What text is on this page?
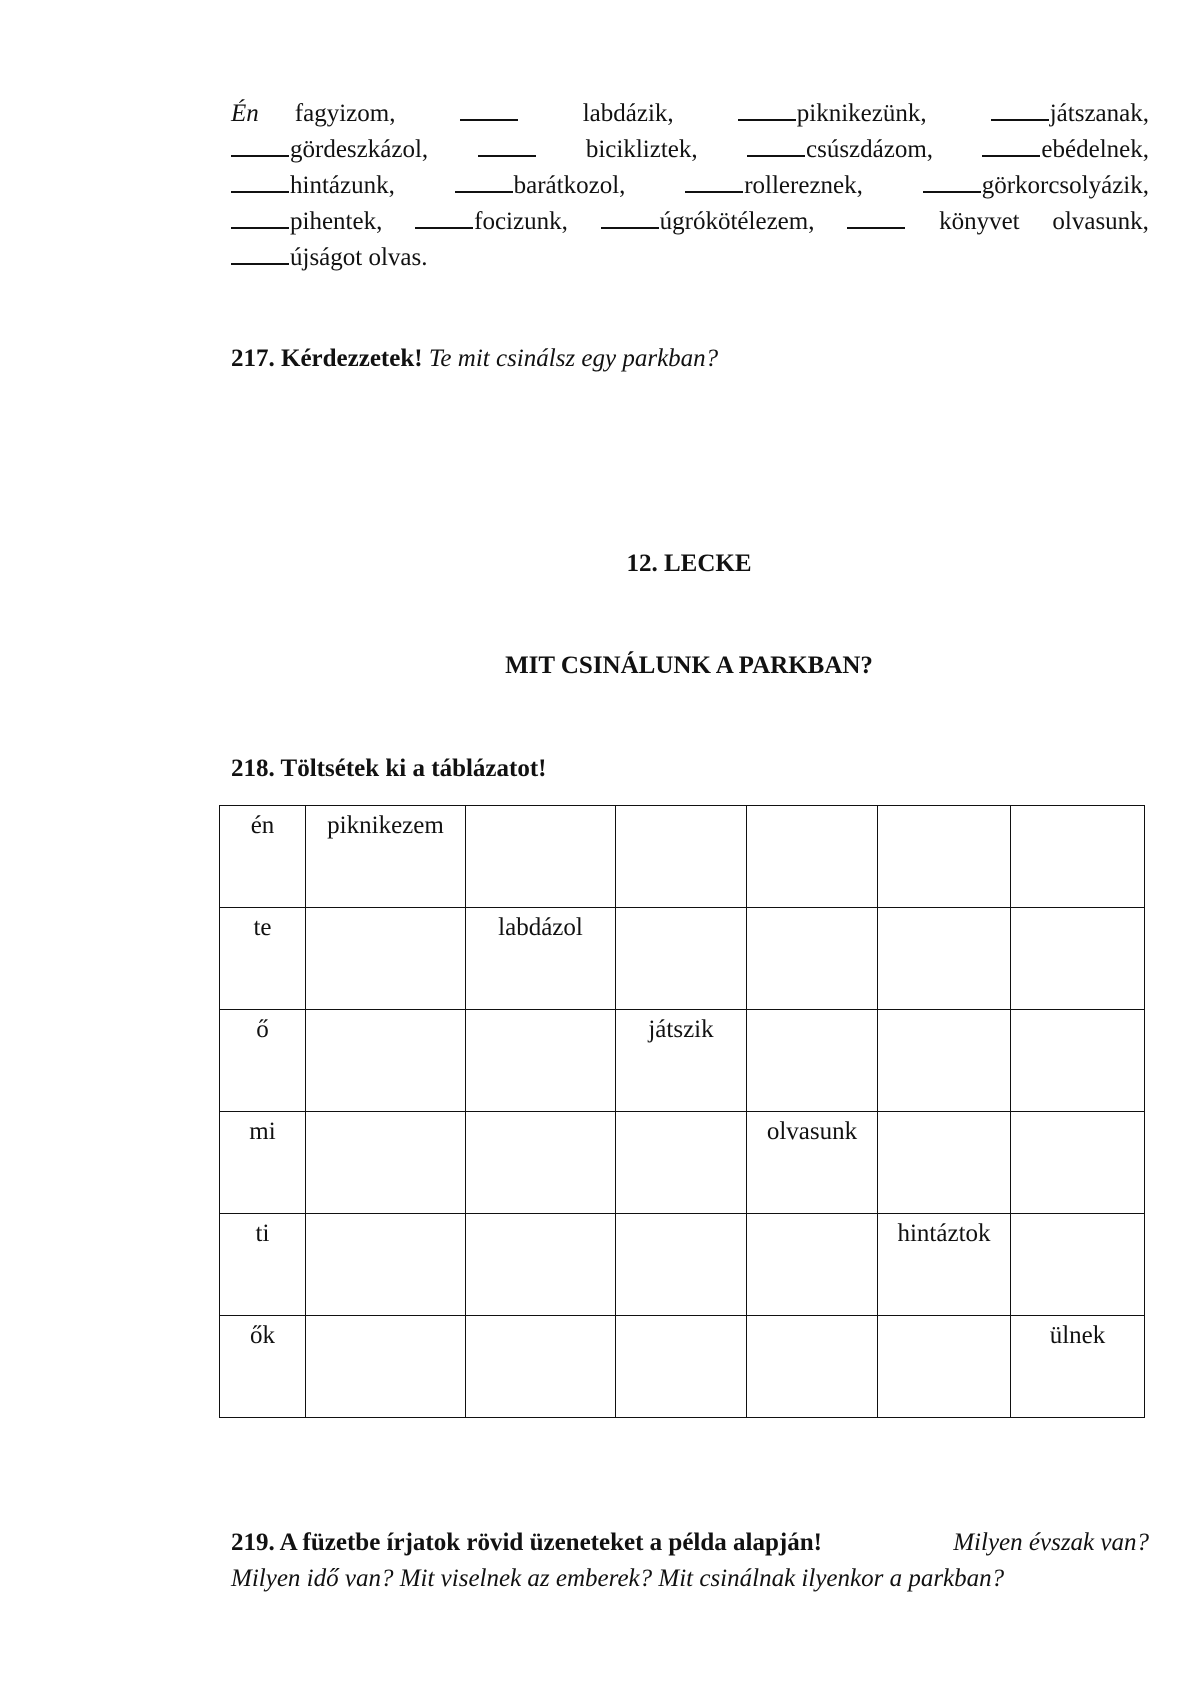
Én fagyizom,	labdázik,	piknikezünk,	játszanak,
gördeszkázol,	bicikliztek,	csúszdázom,	ebédelnek,
hintázunk,	barátkozol,	rollereznek,	görkorcsolyázik,
pihentek,	focizunk,	úgrókötélezem,	könyvet olvasunk,
újságot olvas.
217. Kérdezzetek! Te mit csinálsz egy parkban?
12. LECKE
MIT CSINÁLUNK A PARKBAN?
218. Töltsétek ki a táblázatot!
én	piknikezem					

te		labdázol				

ő			játszik			

mi				olvasunk		

ti					hintáztok	

ők						ülnek
219. A füzetbe írjatok rövid üzeneteket a példa alapján!	Milyen évszak van?
Milyen idő van? Mit viselnek az emberek? Mit csinálnak ilyenkor a parkban?
